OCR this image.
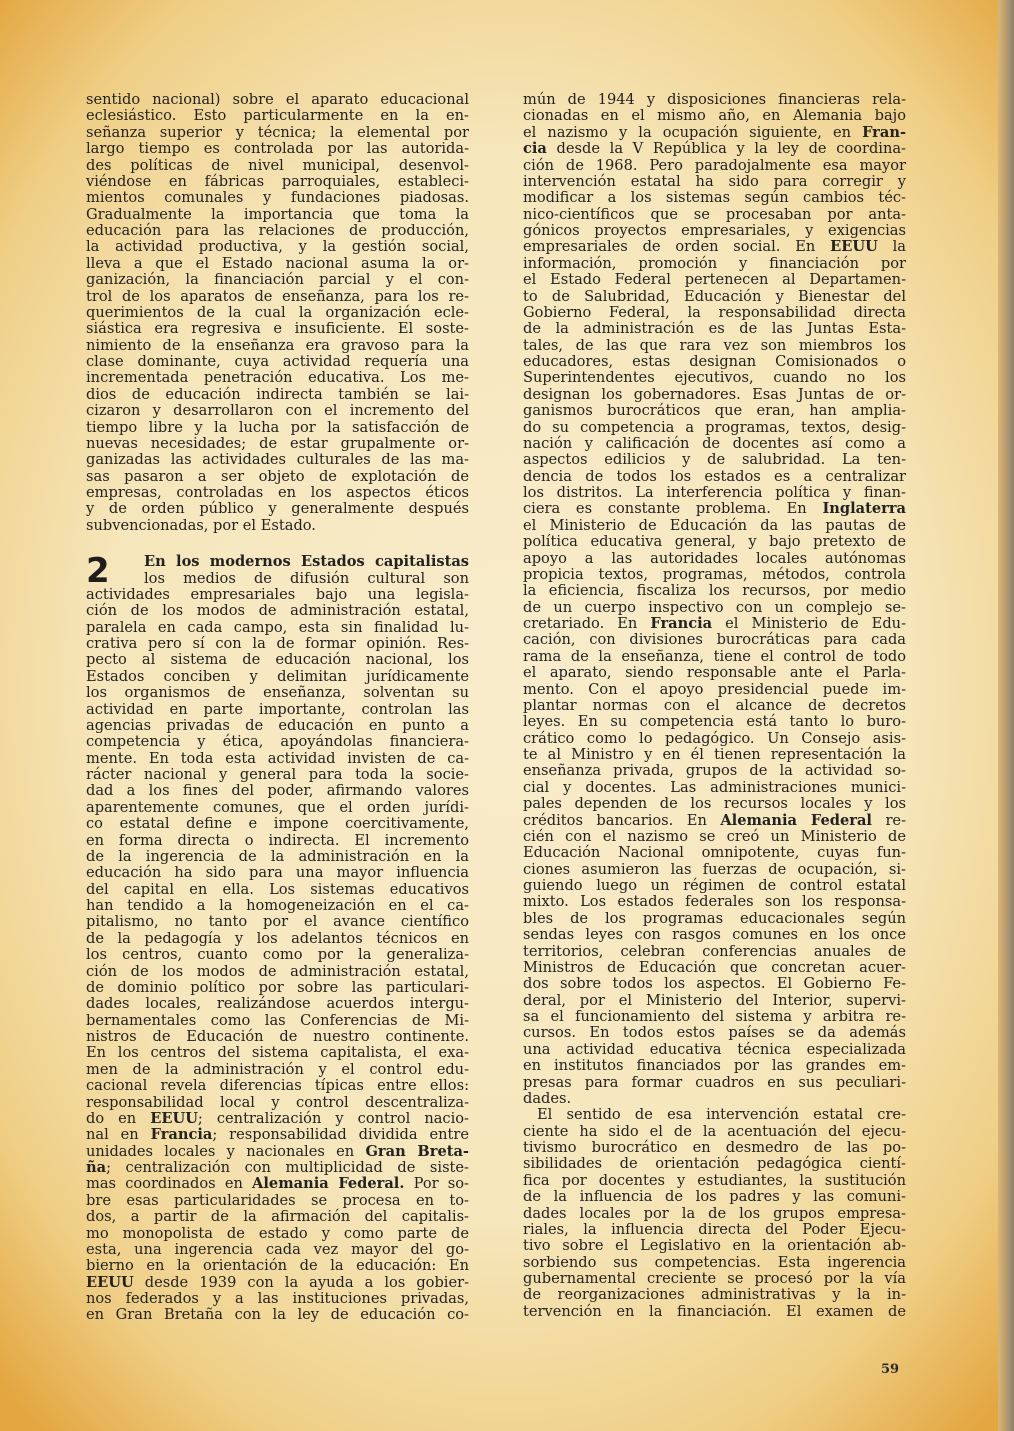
sentido nacional) sobre el aparato educacional
eclesiástico. Esto particularmente en la en-
señanza superior y técnica; la elemental por
largo tiempo es controlada por las autorida-
des políticas de nivel municipal, desenvol-
viéndose en fábricas parroquiales, estableci-
mientos comunales y fundaciones piadosas.
Gradualmente la importancia que toma la
educación para las relaciones de producción,
la actividad productiva, y la gestión social,
lleva a que el Estado nacional asuma la or-
ganización, la financiación parcial y el con-
trol de los aparatos de enseñanza, para los re-
querimientos de la cual la organización ecle-
siástica era regresiva e insuficiente. El soste-
nimiento de la enseñanza era gravoso para la
clase dominante, cuya actividad requería una
incrementada penetración educativa. Los me-
dios de educación indirecta también se lai-
cizaron y desarrollaron con el incremento del
tiempo libre y la lucha por la satisfacción de
nuevas necesidades; de estar grupalmente or-
ganizadas las actividades culturales de las ma-
sas pasaron a ser objeto de explotación de
empresas, controladas en los aspectos éticos
y de orden público y generalmente después
subvencionadas, por el Estado.

2	En los modernos Estados capitalistas
los medios de difusión cultural son
actividades empresariales bajo una legisla-
ción de los modos de administración estatal,
paralela en cada campo, esta sin finalidad lu-
crativa pero sí con la de formar opinión. Res-
pecto al sistema de educación nacional, los
Estados conciben y delimitan jurídicamente
los organismos de enseñanza, solventan su
actividad en parte importante, controlan las
agencias privadas de educación en punto a
competencia y ética, apoyándolas financiera-
mente. En toda esta actividad invisten de ca-
rácter nacional y general para toda la socie-
dad a los fines del poder, afirmando valores
aparentemente comunes, que el orden jurídi-
co estatal define e impone coercitivamente,
en forma directa o indirecta. El incremento
de la ingerencia de la administración en la
educación ha sido para una mayor influencia
del capital en ella. Los sistemas educativos
han tendido a la homogeneización en el ca-
pitalismo, no tanto por el avance científico
de la pedagogía y los adelantos técnicos en
los centros, cuanto como por la generaliza-
ción de los modos de administración estatal,
de dominio político por sobre las particulari-
dades locales, realizándose acuerdos intergu-
bernamentales como las Conferencias de Mi-
nistros de Educación de nuestro continente.
En los centros del sistema capitalista, el exa-
men de la administración y el control edu-
cacional revela diferencias típicas entre ellos:
responsabilidad local y control descentraliza-
do en EEUU; centralización y control nacio-
nal en Francia; responsabilidad dividida entre
unidades locales y nacionales en Gran Breta-
ña; centralización con multiplicidad de siste-
mas coordinados en Alemania Federal. Por so-
bre esas particularidades se procesa en to-
dos, a partir de la afirmación del capitalis-
mo monopolista de estado y como parte de
esta, una ingerencia cada vez mayor del go-
bierno en la orientación de la educación: En
EEUU desde 1939 con la ayuda a los gobier-
nos federados y a las instituciones privadas,
en Gran Bretaña con la ley de educación co-

mún de 1944 y disposiciones financieras rela-
cionadas en el mismo año, en Alemania bajo
el nazismo y la ocupación siguiente, en Fran-
cia desde la V República y la ley de coordina-
ción de 1968. Pero paradojalmente esa mayor
intervención estatal ha sido para corregir y
modificar a los sistemas según cambios téc-
nico-científicos que se procesaban por anta-
gónicos proyectos empresariales, y exigencias
empresariales de orden social. En EEUU la
información, promoción y financiación por
el Estado Federal pertenecen al Departamen-
to de Salubridad, Educación y Bienestar del
Gobierno Federal, la responsabilidad directa
de la administración es de las Juntas Esta-
tales, de las que rara vez son miembros los
educadores, estas designan Comisionados o
Superintendentes ejecutivos, cuando no los
designan los gobernadores. Esas Juntas de or-
ganismos burocráticos que eran, han amplia-
do su competencia a programas, textos, desig-
nación y calificación de docentes así como a
aspectos edilicios y de salubridad. La ten-
dencia de todos los estados es a centralizar
los distritos. La interferencia política y finan-
ciera es constante problema. En Inglaterra
el Ministerio de Educación da las pautas de
política educativa general, y bajo pretexto de
apoyo a las autoridades locales autónomas
propicia textos, programas, métodos, controla
la eficiencia, fiscaliza los recursos, por medio
de un cuerpo inspectivo con un complejo se-
cretariado. En Francia el Ministerio de Edu-
cación, con divisiones burocráticas para cada
rama de la enseñanza, tiene el control de todo
el aparato, siendo responsable ante el Parla-
mento. Con el apoyo presidencial puede im-
plantar normas con el alcance de decretos
leyes. En su competencia está tanto lo buro-
crático como lo pedagógico. Un Consejo asis-
te al Ministro y en él tienen representación la
enseñanza privada, grupos de la actividad so-
cial y docentes. Las administraciones munici-
pales dependen de los recursos locales y los
créditos bancarios. En Alemania Federal re-
cién con el nazismo se creó un Ministerio de
Educación Nacional omnipotente, cuyas fun-
ciones asumieron las fuerzas de ocupación, si-
guiendo luego un régimen de control estatal
mixto. Los estados federales son los responsa-
bles de los programas educacionales según
sendas leyes con rasgos comunes en los once
territorios, celebran conferencias anuales de
Ministros de Educación que concretan acuer-
dos sobre todos los aspectos. El Gobierno Fe-
deral, por el Ministerio del Interior, supervi-
sa el funcionamiento del sistema y arbitra re-
cursos. En todos estos países se da además
una actividad educativa técnica especializada
en institutos financiados por las grandes em-
presas para formar cuadros en sus peculiari-
dades.

El sentido de esa intervención estatal cre-
ciente ha sido el de la acentuación del ejecu-
tivismo burocrático en desmedro de las po-
sibilidades de orientación pedagógica cientí-
fica por docentes y estudiantes, la sustitución
de la influencia de los padres y las comuni-
dades locales por la de los grupos empresa-
riales, la influencia directa del Poder Ejecu-
tivo sobre el Legislativo en la orientación ab-
sorbiendo sus competencias. Esta ingerencia
gubernamental creciente se procesó por la vía
de reorganizaciones administrativas y la in-
tervención en la financiación. El examen de

59
